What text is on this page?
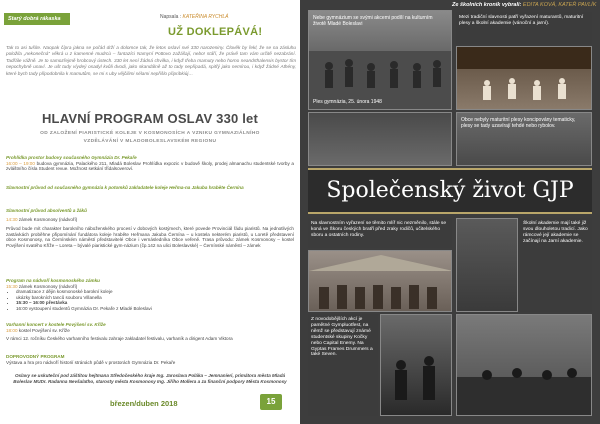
Starý dobrá rákaska	Napsala : KATEŘINA RYCHLÁ
UŽ DOKLEPÁVÁ!
Tak to asi tušíte. Naopak čípra jakna se pořád drží a dolomce tak, že letos oslaví své 330 narozeniny. Člověk by řekl, že se na zásluhu položila „nekonečná“ věkrá u z kamenné mudrcù – fantazíci Namyní Pottovo zažášají, nebo! stáří, že právě tam vám určitě nezabrání. Tadřále vážně. Je to samozřejmě hrobcový ústech. 330 let není žádná chvilka, i když třeba mamuty nebo horno neandrthalensis bystor tím nepochybně unaví. Je ušt tudy víydeý osadyl kvůli dvodi, jako skandálně až to tady nepřipadá, spitřý jako nemírou, i když žádné Athény, které bych tady připodobnila k mamutům, se mi s uby vějčilimi sélami nepřišlo připribkiúj…
HLAVNÍ PROGRAM OSLAV 330 let
OD ZALOŽENÍ PIARISTICKÉ KOLEJE V KOSMONOSÍCH A VZNIKU GYMNAZIÁLNÍHO VZDĚLÁVÁNÍ V MLADOBOLESLAVSKÉM REGIONU
Prohlídka prostor budovy současného Gymnázia Dr. Pekaře
16:00 – 19:00 budova gymnázia, Palackého 211, Mladá Boleslav Prohlídka expozic v budově školy, prodej almanachu studentské tvorby a zvláštního čísla Student revue. Možnost setkání třídalsoveroví.
Slavnostní průvod od současného gymnázia k potomků zakladatele koleje Heřma-na Jakuba hraběte Černína
Slavnostní průvod absolventů a žáků
14:30 zámek Kosmonosy (nádvoří)
Průvod bude mít charakter barokního náboženského procesí v dobových kostýmech, které povede Provinciál řádu piaristů. Na jednotlivých zastávkách proběhne připomínání fundátora koleje hraběte Heřmana Jakuba Černína – u kostela nekterém piaristů, u Loretě představení obce Kosmonosy, na Černínském náměstí představitelé Obce i vernásledníka Obce veřeně. Trasa průvodu: zámek Kosmonosy – kostel Povýšení svatého Kříže – Loreta – bývalé piaristické gym-názium (čp.142 na ulici Boleslavské) – Černínské náměstí – zámek
Program na nádvoří kosmonoského zámku
15:30 zámek Kosmonosy (nádvoří)
• dramatizace z dějin kosmonoské barokní koleje
• ukázky barokních tanců souboru Villanella
• 15:30 – 16:00 přestávka
• 16:00 vystoupení studentů Gymnázia Dr. Pekaře z Mladé Boleslavi
Varhanní koncert v kostele Povýšení sv. Kříže
18:00 kostel Povýšení sv. Kříže
V rámci 12. ročníku Českého varhanního festivalu zahraje zakladatel festivalu, varhaník a dirigent Adam Viktora
DOPROVODNÝ PROGRAM
Výstava a hra pro nádvoří historií stránách půdě v prostorách Gymnázia Dr. Pekaře
Oslavy se uskuteční pod záštitou hejtmana Středočeského kraje Ing. Jaroslava Poláka – Jemnaníeri, primátora města Mladá Boleslav MUDr. Radanna Nevšalatho, starosty města Kosmonosy Ing. Jiřího Mollera a za finanční podpory Města Kosmonosy
březen/duben 2018	15
Ze školních kronik vybrali: EDITA KOVÁ, KATEŘ PAVLÍK
Nebe gymnázium se svými akcemi podílí na kulturním životě Mladé Boleslavi
Ples gymnázia, 25. února 1948
Mezi tradiční slavnosti patří vyřazení maturantů, maturitní plesy a školní akademie (vánoční a jarní).
Obce nebyly maturitní plesy koncipovány tematicky, plesy se tady uzavírají tehdé nebo rybolov.
Společenský život GJP
Na slavnostním vyřazení se těmito mlíř nic nezměnilo, stále se koná ve Škoru českých bratří před zraky rodičů, učitelského sboru a ostatních rodiny.
Školní akademie mají také již svou dlouholetou tradicí. Jako rámcové její akademie se začínají na Jarní akademie.
Z novodobějších akcí je pamětné Gympluotfest, na němž se představují známé studentské skupiny Kočky nebo Capital Enemy. Na Gyptas Frames Drummers a také Seven.
